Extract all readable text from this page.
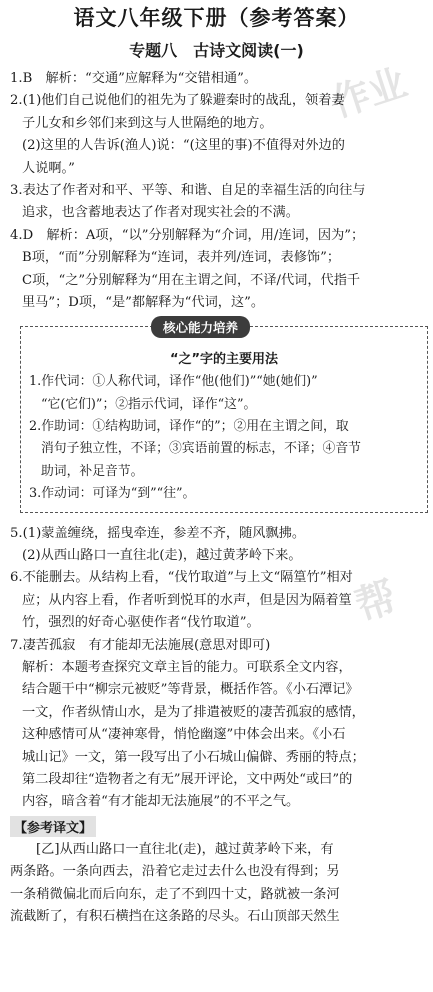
语文八年级下册（参考答案）
专题八　古诗文阅读(一)
作业
帮
1.B　解析：“交通”应解释为“交错相通”。
2.(1)他们自己说他们的祖先为了躲避秦时的战乱，领着妻
子儿女和乡邻们来到这与人世隔绝的地方。
(2)这里的人告诉(渔人)说：“(这里的事)不值得对外边的
人说啊。”
3.表达了作者对和平、平等、和谐、自足的幸福生活的向往与
追求，也含蓄地表达了作者对现实社会的不满。
4.D　解析：A项，“以”分别解释为“介词，用/连词，因为”；
B项，“而”分别解释为“连词，表并列/连词，表修饰”；
C项，“之”分别解释为“用在主谓之间，不译/代词，代指千
里马”；D项，“是”都解释为“代词，这”。
核心能力培养
“之”字的主要用法
1.作代词：①人称代词，译作“他(他们)”“她(她们)”
“它(它们)”；②指示代词，译作“这”。
2.作助词：①结构助词，译作“的”；②用在主谓之间，取
消句子独立性，不译；③宾语前置的标志，不译；④音节
助词，补足音节。
3.作动词：可译为“到”“往”。
5.(1)蒙盖缠绕，摇曳牵连，参差不齐，随风飘拂。
(2)从西山路口一直往北(走)，越过黄茅岭下来。
6.不能删去。从结构上看，“伐竹取道”与上文“隔篁竹”相对
应；从内容上看，作者听到悦耳的水声，但是因为隔着篁
竹，强烈的好奇心驱使作者“伐竹取道”。
7.凄苦孤寂　有才能却无法施展(意思对即可)
解析：本题考查探究文章主旨的能力。可联系全文内容，
结合题干中“柳宗元被贬”等背景，概括作答。《小石潭记》
一文，作者纵情山水，是为了排遣被贬的凄苦孤寂的感情，
这种感情可从“凄神寒骨，悄怆幽邃”中体会出来。《小石
城山记》一文，第一段写出了小石城山偏僻、秀丽的特点；
第二段却往“造物者之有无”展开评论，文中两处“或曰”的
内容，暗含着“有才能却无法施展”的不平之气。
【参考译文】
[乙]从西山路口一直往北(走)，越过黄茅岭下来，有
两条路。一条向西去，沿着它走过去什么也没有得到；另
一条稍微偏北而后向东，走了不到四十丈，路就被一条河
流截断了，有积石横挡在这条路的尽头。石山顶部天然生
